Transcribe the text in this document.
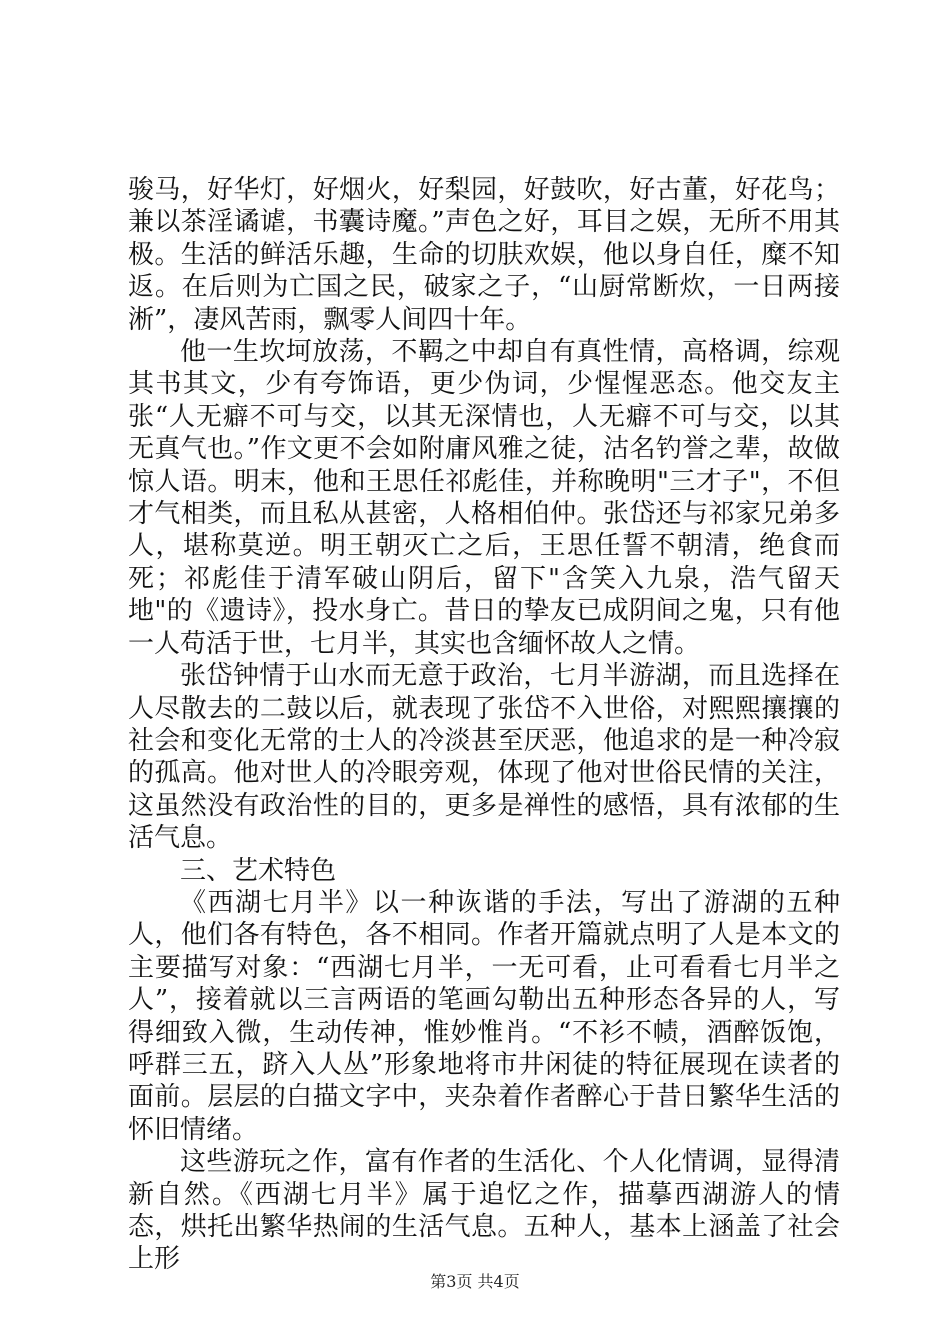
骏马，好华灯，好烟火，好梨园，好鼓吹，好古董，好花鸟；兼以茶淫谲谑，书囊诗魔。”声色之好，耳目之娱，无所不用其极。生活的鲜活乐趣，生命的切肤欢娱，他以身自任，糜不知返。在后则为亡国之民，破家之子，“山厨常断炊，一日两接淅”，凄风苦雨，飘零人间四十年。

他一生坎坷放荡，不羁之中却自有真性情，高格调，综观其书其文，少有夸饰语，更少伪词，少惺惺恶态。他交友主张“人无癖不可与交，以其无深情也，人无癖不可与交，以其无真气也。”作文更不会如附庸风雅之徒，沽名钓誉之辈，故做惊人语。明末，他和王思任祁彪佳，并称晚明"三才子"，不但才气相类，而且私从甚密，人格相伯仲。张岱还与祁家兄弟多人，堪称莫逆。明王朝灭亡之后，王思任誓不朝清，绝食而死；祁彪佳于清军破山阴后，留下"含笑入九泉，浩气留天地"的《遗诗》，投水身亡。昔日的挚友已成阴间之鬼，只有他一人苟活于世，七月半，其实也含缅怀故人之情。

张岱钟情于山水而无意于政治，七月半游湖，而且选择在人尽散去的二鼓以后，就表现了张岱不入世俗，对熙熙攘攘的社会和变化无常的士人的冷淡甚至厌恶，他追求的是一种冷寂的孤高。他对世人的冷眼旁观，体现了他对世俗民情的关注，这虽然没有政治性的目的，更多是禅性的感悟，具有浓郁的生活气息。

三、艺术特色

《西湖七月半》以一种诙谐的手法，写出了游湖的五种人，他们各有特色，各不相同。作者开篇就点明了人是本文的主要描写对象：“西湖七月半，一无可看，止可看看七月半之人”，接着就以三言两语的笔画勾勒出五种形态各异的人，写得细致入微，生动传神，惟妙惟肖。“不衫不帻，酒醉饭饱，呼群三五，跻入人丛”形象地将市井闲徒的特征展现在读者的面前。层层的白描文字中，夹杂着作者醉心于昔日繁华生活的怀旧情绪。

这些游玩之作，富有作者的生活化、个人化情调，显得清新自然。《西湖七月半》属于追忆之作，描摹西湖游人的情态，烘托出繁华热闹的生活气息。五种人，基本上涵盖了社会上形

第3页 共4页
